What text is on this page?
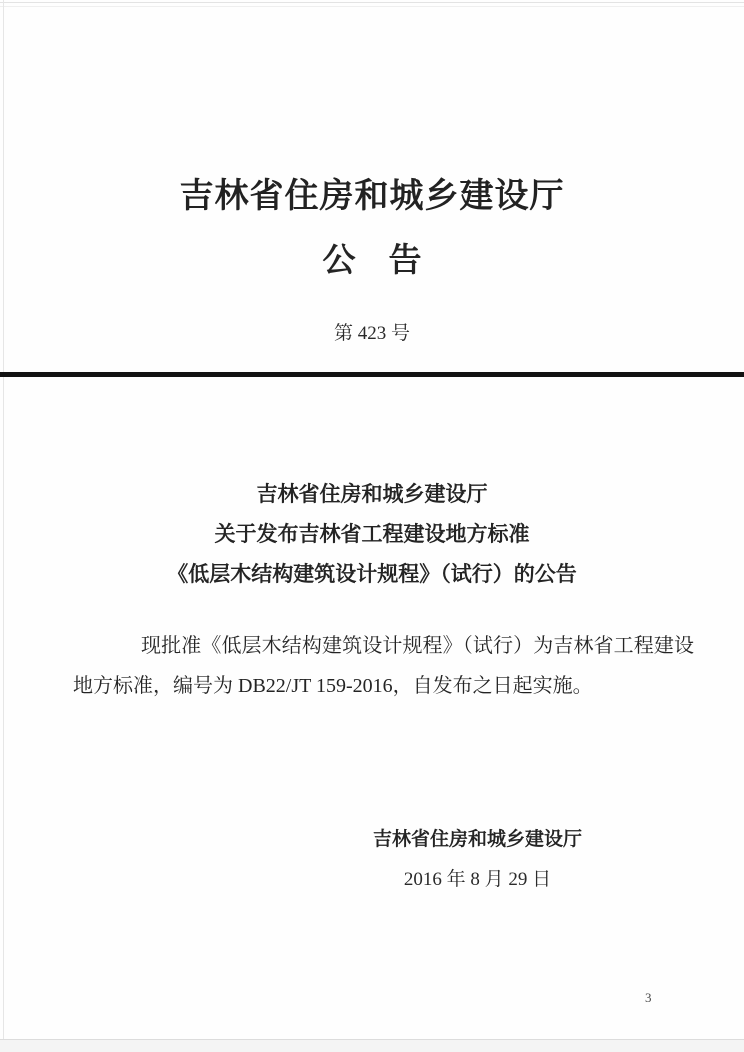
吉林省住房和城乡建设厅
公    告
第 423 号
吉林省住房和城乡建设厅
关于发布吉林省工程建设地方标准
《低层木结构建筑设计规程》（试行）的公告
现批准《低层木结构建筑设计规程》（试行）为吉林省工程建设地方标准，编号为 DB22/JT 159-2016，自发布之日起实施。
吉林省住房和城乡建设厅
2016 年 8 月 29 日
3
